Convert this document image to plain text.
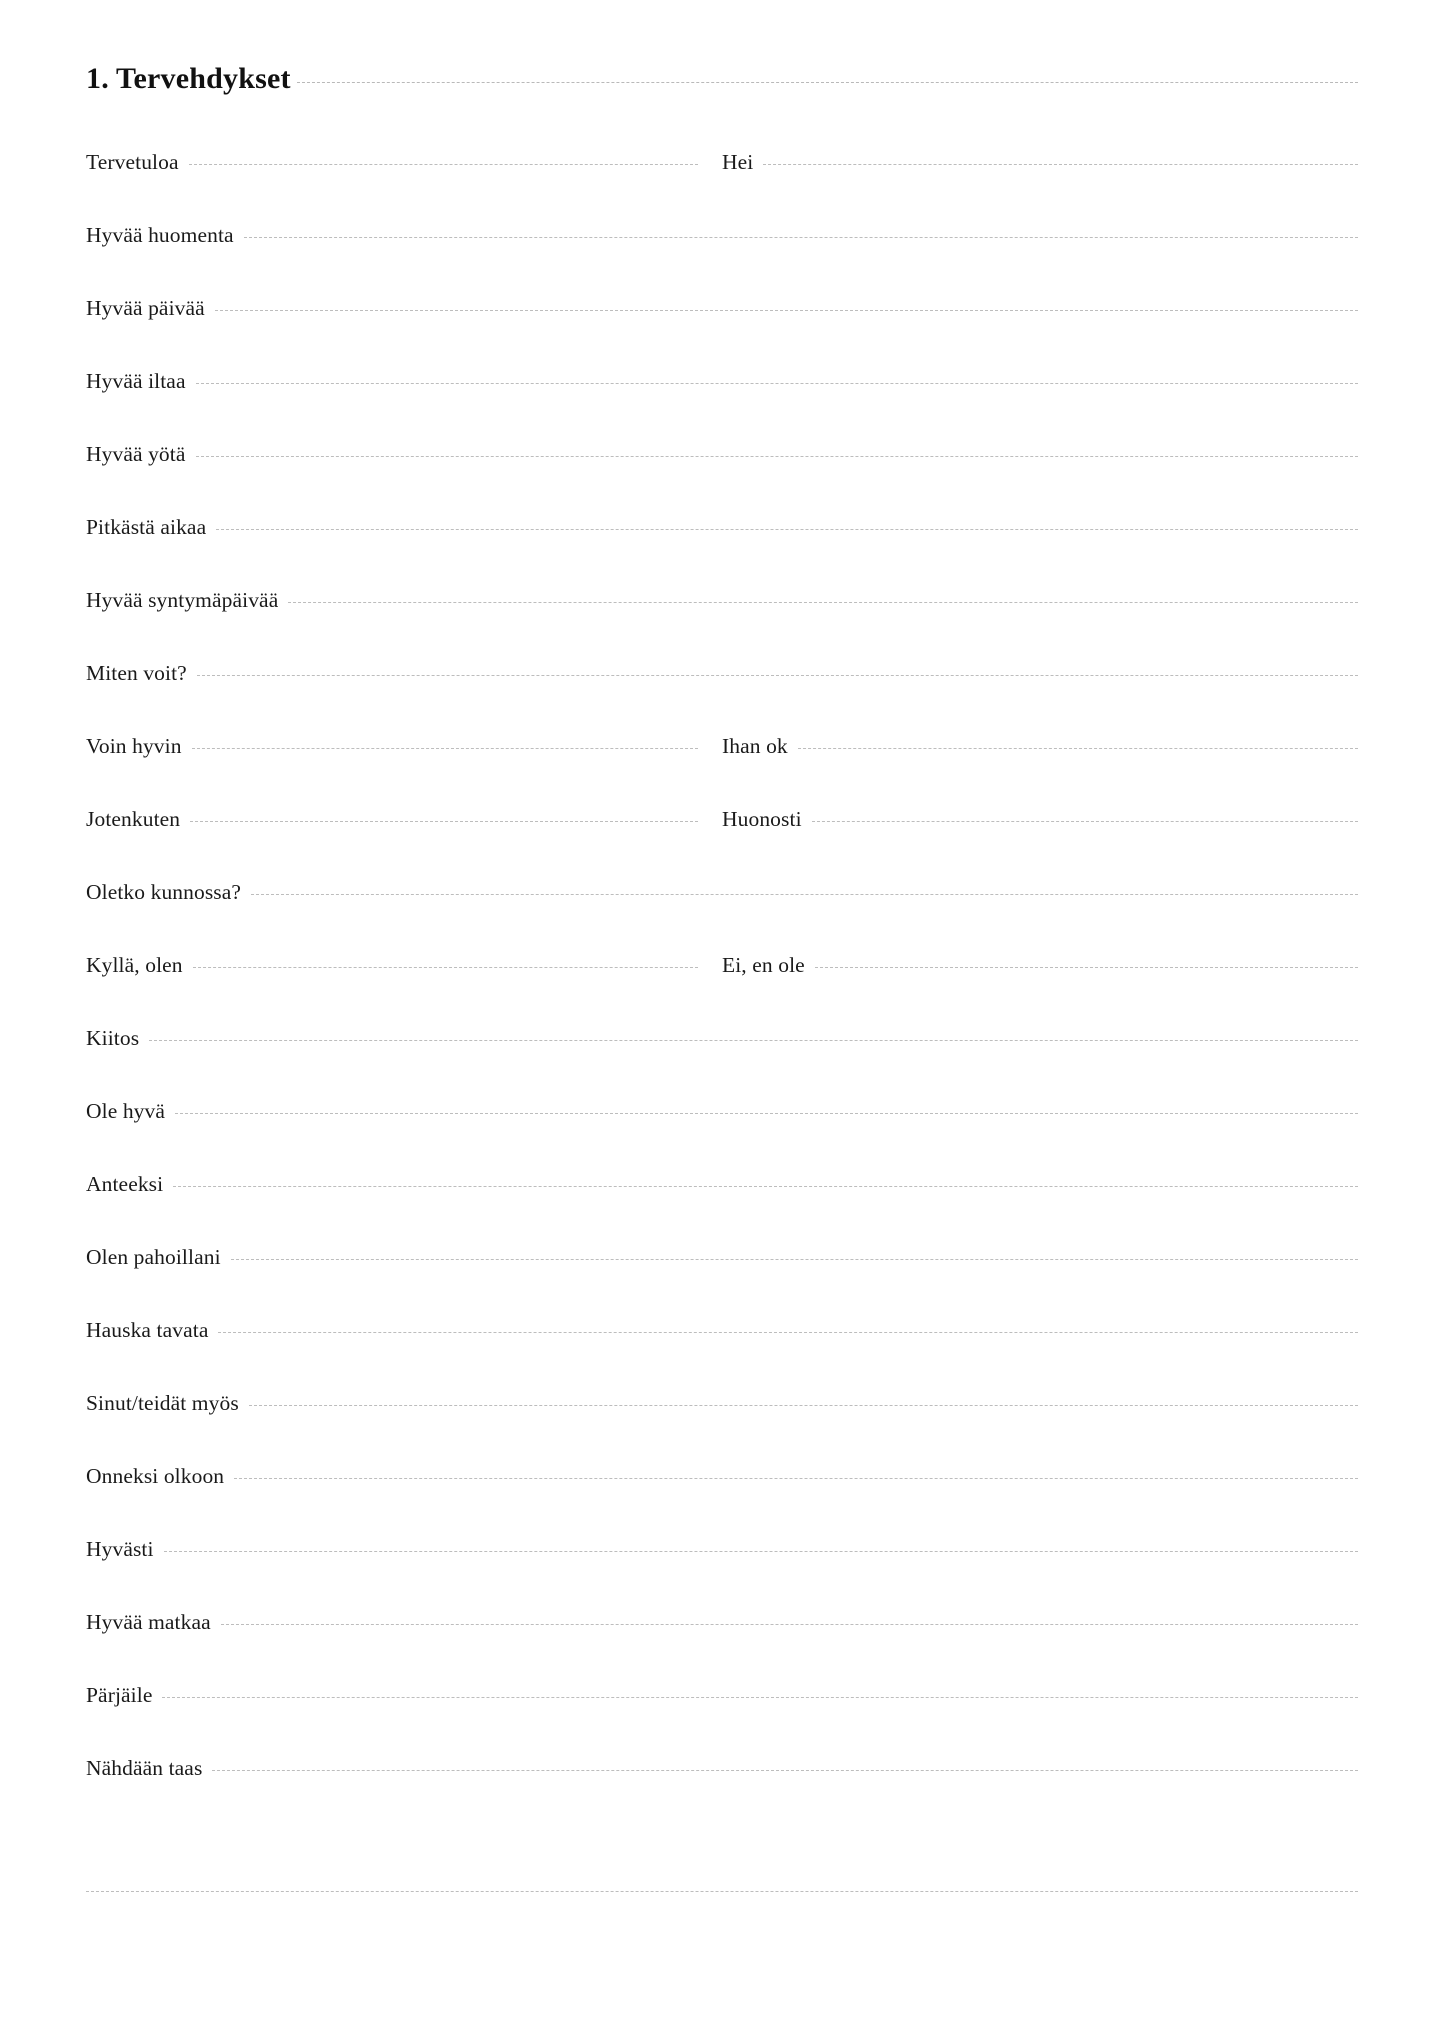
1. Tervehdykset
Tervetuloa	Hei
Hyvää huomenta
Hyvää päivää
Hyvää iltaa
Hyvää yötä
Pitkästä aikaa
Hyvää syntymäpäivää
Miten voit?
Voin hyvin	Ihan ok
Jotenkuten	Huonosti
Oletko kunnossa?
Kyllä, olen	Ei, en ole
Kiitos
Ole hyvä
Anteeksi
Olen pahoillani
Hauska tavata
Sinut/teidät myös
Onneksi olkoon
Hyvästi
Hyvää matkaa
Pärjäile
Nähdään taas
